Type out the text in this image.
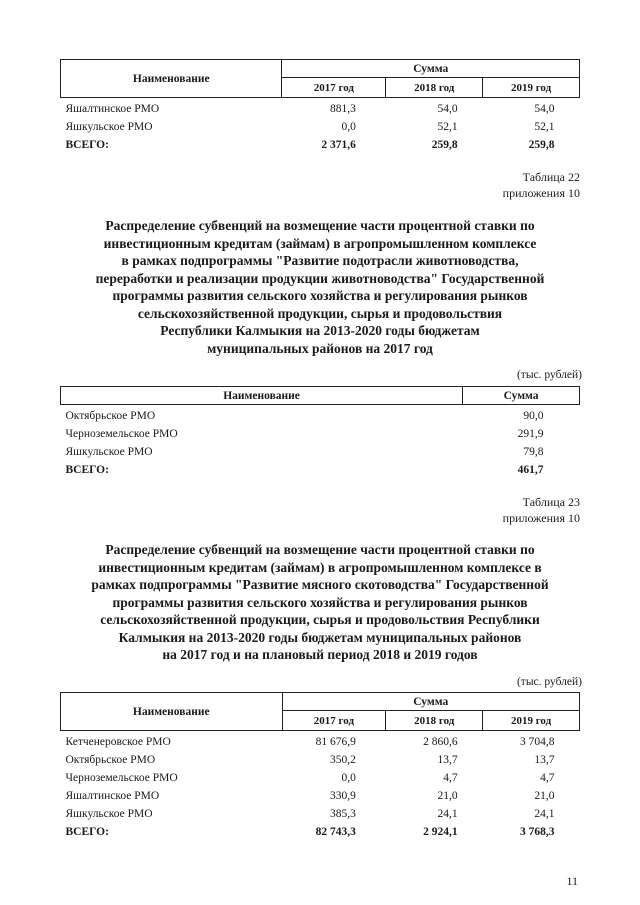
Наименование	Сумма		
	2017 год	2018 год	2019 год
Яшалтинское РМО	881,3	54,0	54,0
Яшкульское РМО	0,0	52,1	52,1
ВСЕГО:	2 371,6	259,8	259,8
Таблица 22
приложения 10
Распределение субвенций на возмещение части процентной ставки по
инвестиционным кредитам (займам) в агропромышленном комплексе
в рамках подпрограммы "Развитие подотрасли животноводства,
переработки и реализации продукции животноводства" Государственной
программы развития сельского хозяйства и регулирования рынков
сельскохозяйственной продукции, сырья и продовольствия
Республики Калмыкия на 2013-2020 годы бюджетам
муниципальных районов на 2017 год
(тыс. рублей)
Наименование	Сумма
Октябрьское РМО	90,0
Черноземельское РМО	291,9
Яшкульское РМО	79,8
ВСЕГО:	461,7
Таблица 23
приложения 10
Распределение субвенций на возмещение части процентной ставки по
инвестиционным кредитам (займам) в агропромышленном комплексе в
рамках подпрограммы "Развитие мясного скотоводства" Государственной
программы развития сельского хозяйства и регулирования рынков
сельскохозяйственной продукции, сырья и продовольствия Республики
Калмыкия на 2013-2020 годы бюджетам муниципальных районов
на 2017 год и на плановый период 2018 и 2019 годов
(тыс. рублей)
Наименование	Сумма		
	2017 год	2018 год	2019 год
Кетченеровское РМО	81 676,9	2 860,6	3 704,8
Октябрьское РМО	350,2	13,7	13,7
Черноземельское РМО	0,0	4,7	4,7
Яшалтинское РМО	330,9	21,0	21,0
Яшкульское РМО	385,3	24,1	24,1
ВСЕГО:	82 743,3	2 924,1	3 768,3
11
